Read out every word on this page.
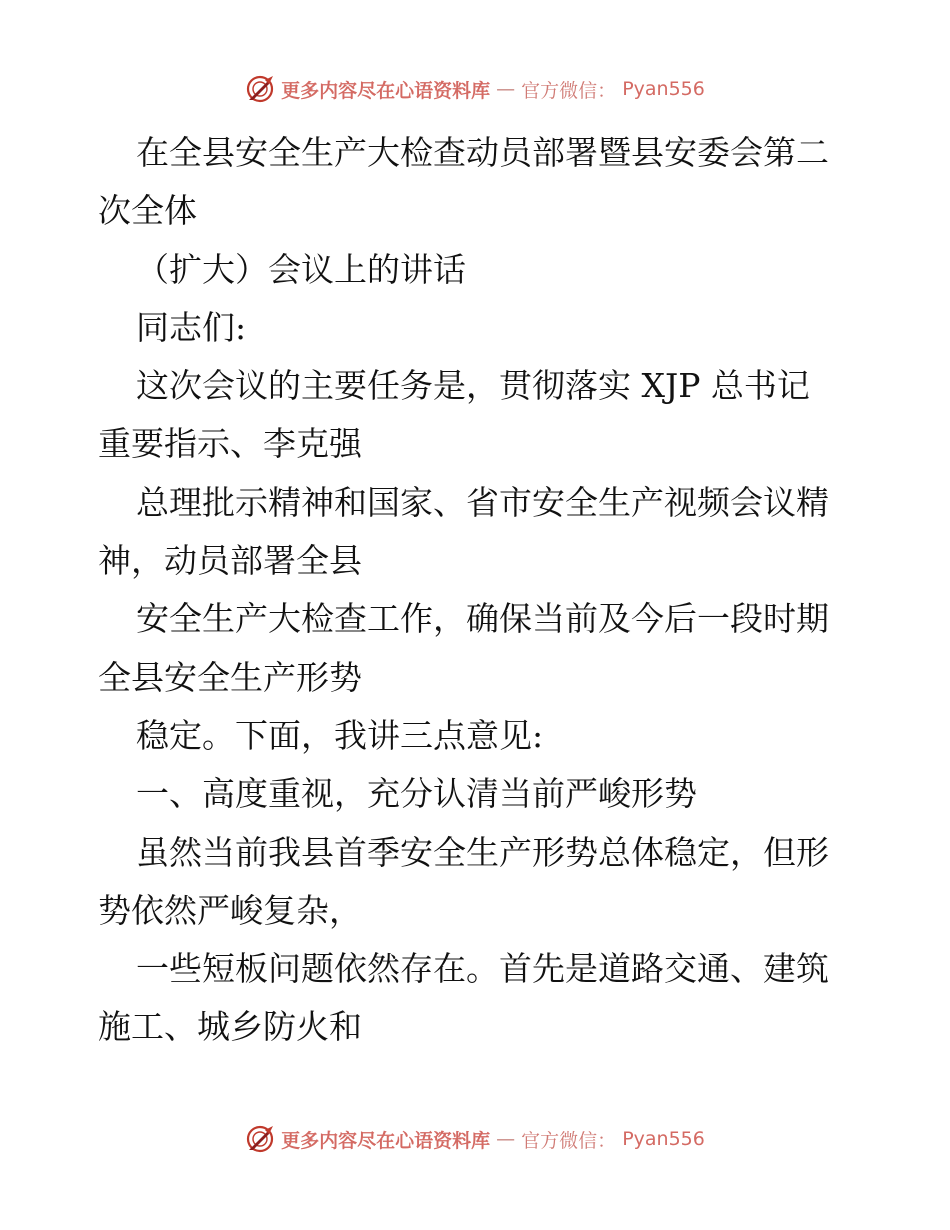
更多内容尽在心语资料库 — 官方微信： Pyan556
在全县安全生产大检查动员部署暨县安委会第二
次全体
（扩大）会议上的讲话
同志们:
这次会议的主要任务是，贯彻落实 XJP 总书记
重要指示、李克强
总理批示精神和国家、省市安全生产视频会议精
神，动员部署全县
安全生产大检查工作，确保当前及今后一段时期
全县安全生产形势
稳定。下面，我讲三点意见:
一、高度重视，充分认清当前严峻形势
虽然当前我县首季安全生产形势总体稳定，但形
势依然严峻复杂，
一些短板问题依然存在。首先是道路交通、建筑
施工、城乡防火和
更多内容尽在心语资料库 — 官方微信： Pyan556
